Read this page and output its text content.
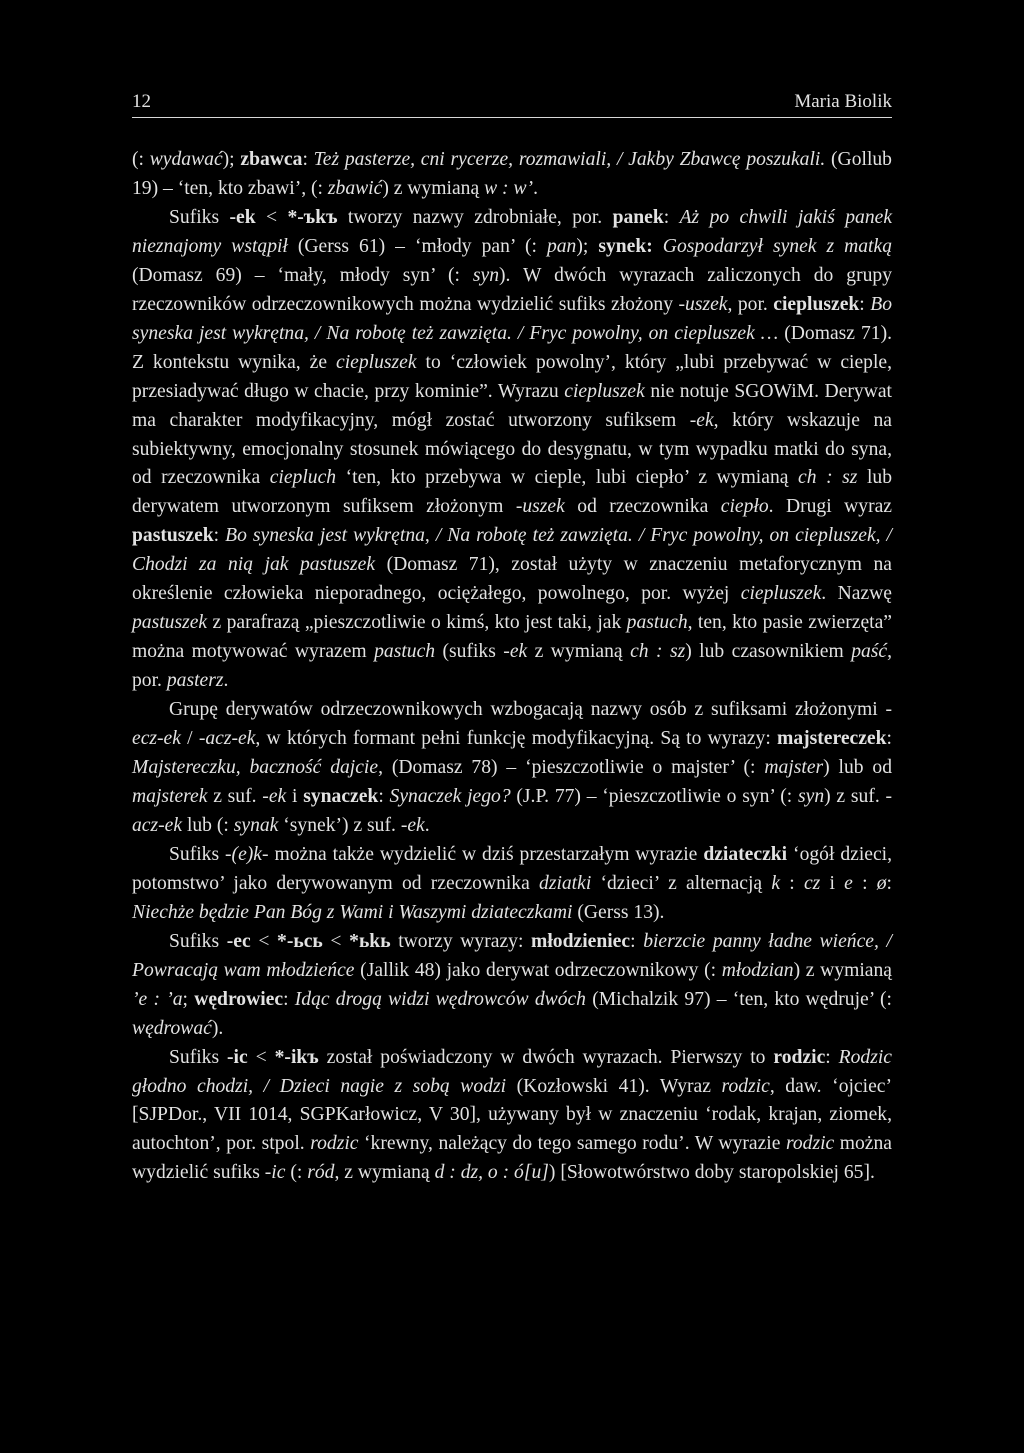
12	Maria Biolik

(: wydawać); zbawca: Też pasterze, cni rycerze, rozmawiali, / Jakby Zbawcę poszukali. (Gollub 19) – ‘ten, kto zbawi’, (: zbawić) z wymianą w : w’.

Sufiks -ek < *-ъkъ tworzy nazwy zdrobniałe, por. panek: Aż po chwili jakiś panek nieznajomy wstąpił (Gerss 61) – ‘młody pan’ (: pan); synek: Gospodarzył synek z matką (Domasz 69) – ‘mały, młody syn’ (: syn). W dwóch wyrazach zaliczonych do grupy rzeczowników odrzeczownikowych można wydzielić sufiks złożony -uszek, por. ciepluszek: Bo syneska jest wykrętna, / Na robotę też zawzięta. / Fryc powolny, on ciepluszek … (Domasz 71). Z kontekstu wynika, że ciepluszek to ‘człowiek powolny’, który „lubi przebywać w cieple, przesiadywać długo w chacie, przy kominie”. Wyrazu ciepluszek nie notuje SGOWiM. Derywat ma charakter modyfikacyjny, mógł zostać utworzony sufiksem -ek, który wskazuje na subiektywny, emocjonalny stosunek mówiącego do desygnatu, w tym wypadku matki do syna, od rzeczownika ciepluch ‘ten, kto przebywa w cieple, lubi ciepło’ z wymianą ch : sz lub derywatem utworzonym sufiksem złożonym -uszek od rzeczownika ciepło. Drugi wyraz pastuszek: Bo syneska jest wykrętna, / Na robotę też zawzięta. / Fryc powolny, on ciepluszek, / Chodzi za nią jak pastuszek (Domasz 71), został użyty w znaczeniu metaforycznym na określenie człowieka nieporadnego, ociężałego, powolnego, por. wyżej ciepluszek. Nazwę pastuszek z parafrazą „pieszczotliwie o kimś, kto jest taki, jak pastuch, ten, kto pasie zwierzęta” można motywować wyrazem pastuch (sufiks -ek z wymianą ch : sz) lub czasownikiem paść, por. pasterz.

Grupę derywatów odrzeczownikowych wzbogacają nazwy osób z sufiksami złożonymi -ecz-ek / -acz-ek, w których formant pełni funkcję modyfikacyjną. Są to wyrazy: majstereczek: Majstereczku, baczność dajcie, (Domasz 78) – ‘pieszczotliwie o majster’ (: majster) lub od majsterek z suf. -ek i synaczek: Synaczek jego? (J.P. 77) – ‘pieszczotliwie o syn’ (: syn) z suf. -acz-ek lub (: synak ‘synek’) z suf. -ek.

Sufiks -(e)k- można także wydzielić w dziś przestarzałym wyrazie dziateczki ‘ogół dzieci, potomstwo’ jako derywowanym od rzeczownika dziatki ‘dzieci’ z alternacją k : cz i e : ø: Niechże będzie Pan Bóg z Wami i Waszymi dziateczkami (Gerss 13).

Sufiks -ec < *-ьcь < *ьkь tworzy wyrazy: młodzieniec: bierzcie panny ładne wieńce, / Powracają wam młodzieńce (Jallik 48) jako derywat odrzeczownikowy (: młodzian) z wymianą ’e : ’a; wędrowiec: Idąc drogą widzi wędrowców dwóch (Michalzik 97) – ‘ten, kto wędruje’ (: wędrować).

Sufiks -ic < *-ikъ został poświadczony w dwóch wyrazach. Pierwszy to rodzic: Rodzic głodno chodzi, / Dzieci nagie z sobą wodzi (Kozłowski 41). Wyraz rodzic, daw. ‘ojciec’ [SJPDor., VII 1014, SGPKarłowicz, V 30], używany był w znaczeniu ‘rodak, krajan, ziomek, autochton’, por. stpol. rodzic ‘krewny, należący do tego samego rodu’. W wyrazie rodzic można wydzielić sufiks -ic (: ród, z wymianą d : dz, o : ó[u]) [Słowotwórstwo doby staropolskiej 65].
